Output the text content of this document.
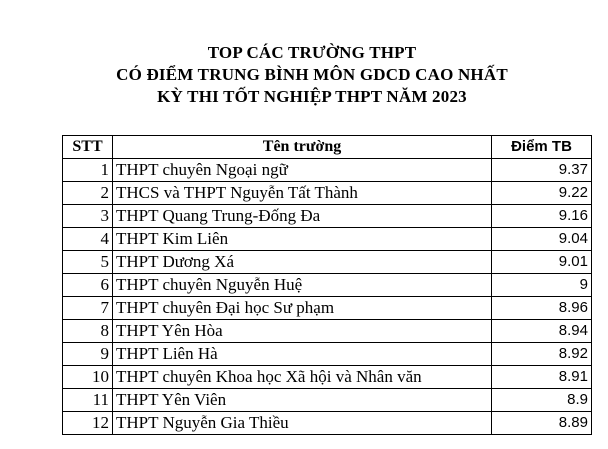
TOP CÁC TRƯỜNG THPT
CÓ ĐIỂM TRUNG BÌNH MÔN GDCD CAO NHẤT
KỲ THI TỐT NGHIỆP THPT NĂM 2023
STT	Tên trường	Điểm TB
1	THPT chuyên Ngoại ngữ	9.37
2	THCS và THPT Nguyễn Tất Thành	9.22
3	THPT Quang Trung-Đống Đa	9.16
4	THPT Kim Liên	9.04
5	THPT Dương Xá	9.01
6	THPT chuyên Nguyễn Huệ	9
7	THPT chuyên Đại học Sư phạm	8.96
8	THPT Yên Hòa	8.94
9	THPT Liên Hà	8.92
10	THPT chuyên Khoa học Xã hội và Nhân văn	8.91
11	THPT Yên Viên	8.9
12	THPT Nguyễn Gia Thiều	8.89
